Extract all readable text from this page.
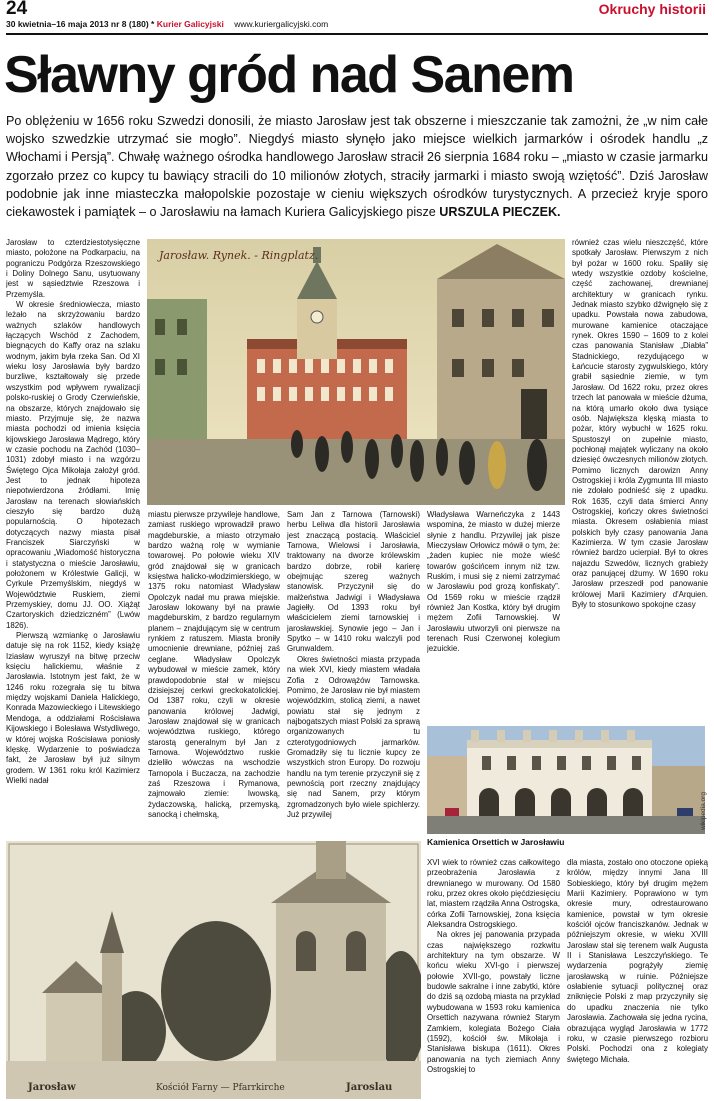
24
30 kwietnia–16 maja 2013 nr 8 (180) * Kurier Galicyjski www.kuriergalicyjski.com
Okruchy historii
Sławny gród nad Sanem
Po oblężeniu w 1656 roku Szwedzi donosili, że miasto Jarosław jest tak obszerne i mieszczanie tak zamożni, że „w nim całe wojsko szwedzkie utrzymać sie mogło”. Niegdyś miasto słynęło jako miejsce wielkich jarmarków i ośrodek handlu „z Włochami i Persją”. Chwałę ważnego ośrodka handlowego Jarosław stracił 26 sierpnia 1684 roku – „miasto w czasie jarmarku zgorzało przez co kupcy tu bawiący stracili do 10 milionów złotych, straciły jarmarki i miasto swoją wziętość”. Dziś Jarosław podobnie jak inne miasteczka małopolskie pozostaje w cieniu większych ośrodków turystycznych. A przecież kryje sporo ciekawostek i pamiątek – o Jarosławiu na łamach Kuriera Galicyjskiego pisze URSZULA PIECZEK.

Jarosław to czterdziestotysięczne miasto, położone na Podkarpaciu, na pograniczu Podgórza Rzeszowskiego i Doliny Dolnego Sanu, usytuowany jest w sąsiedztwie Rzeszowa i Przemyśla.

W okresie średniowiecza, miasto leżało na skrzyżowaniu bardzo ważnych szlaków handlowych łączących Wschód z Zachodem, biegnących do Kaffy oraz na szlaku wodnym, jakim była rzeka San. Od XI wieku losy Jarosławia były bardzo burzliwe, kształtowały się przede wszystkim pod wpływem rywalizacji polsko-ruskiej o Grody Czerwieńskie, na obszarze, których znajdowało się miasto. Przyjmuje się, że nazwa miasta pochodzi od imienia księcia kijowskiego Jarosława Mądrego, który w czasie pochodu na Zachód (1030–1031) zdobył miasto i na wzgórzu Świętego Ojca Mikołaja założył gród. Jest to jednak hipoteza niepotwierdzona źródłami. Imię Jarosław na terenach słowiańskich cieszyło się bardzo dużą popularnością. O hipotezach dotyczących nazwy miasta pisał Franciszek Siarczyński w opracowaniu „Wiadomość historyczna i statystyczna o mieście Jarosławiu, położonem w Królestwie Galicji, w Cyrkule Przemyślskim, niegdyś w Województwie Ruskiem, ziemi Przemyskiey, domu JJ. OO. Xiążąt Czartoryskich dziedziczném” (Lwów 1826).

Pierwszą wzmiankę o Jarosławiu datuje się na rok 1152, kiedy książę Iziasław wyruszył na bitwę przeciw księciu halickiemu, właśnie z Jarosławia. Istotnym jest fakt, że w 1246 roku rozegrała się tu bitwa między wojskami Daniela Halickiego, Konrada Mazowieckiego i Litewskiego Mendoga, a oddziałami Rościsława Kijowskiego i Bolesława Wstydliwego, w której wojska Rościsława poniosły klęskę. Wydarzenie to poświadcza fakt, że Jarosław był już silnym grodem. W 1361 roku król Kazimierz Wielki nadał

miastu pierwsze przywileje handlowe, zamiast ruskiego wprowadził prawo magdeburskie, a miasto otrzymało bardzo ważną rolę w wymianie towarowej. Po połowie wieku XIV gród znajdował się w granicach księstwa halicko-włodzimierskiego, w 1375 roku natomiast Władysław Opolczyk nadał mu prawa miejskie. Jarosław lokowany był na prawie magdeburskim, z bardzo regularnym planem – znajdującym się w centrum rynkiem z ratuszem. Miasta broniły umocnienie drewniane, później zaś ceglane. Władysław Opolczyk wybudował w mieście zamek, który prawdopodobnie stał w miejscu dzisiejszej cerkwi greckokatolickiej. Od 1387 roku, czyli w okresie panowania królowej Jadwigi, Jarosław znajdował się w granicach województwa ruskiego, którego starostą generalnym był Jan z Tarnowa. Województwo ruskie dzieliło wówczas na wschodzie Tarnopola i Buczacza, na zachodzie zaś Rzeszowa i Rymanowa, zajmowało ziemie: lwowską, żydaczowską, halicką, przemyską, sanocką i chełmską,

Sam Jan z Tarnowa (Tarnowski) herbu Leliwa dla historii Jarosławia jest znaczącą postacią. Właściciel Tarnowa, Wielowsi i Jarosławia, traktowany na dworze królewskim bardzo dobrze, robił karierę obejmując szereg ważnych stanowisk. Przyczynił się do małżeństwa Jadwigi i Władysława Jagiełły. Od 1393 roku był właścicielem ziemi tarnowskiej i jarosławskiej. Synowie jego – Jan i Spytko – w 1410 roku walczyli pod Grunwaldem.

Okres świetności miasta przypada na wiek XVI, kiedy miastem władała Zofia z Odrowążów Tarnowska. Pomimo, że Jarosław nie był miastem wojewódzkim, stolicą ziemi, a nawet powiatu stał się jednym z najbogatszych miast Polski za sprawą organizowanych tu czterotygodniowych jarmarków. Gromadziły się tu licznie kupcy ze wszystkich stron Europy. Do rozwoju handlu na tym terenie przyczynił się z pewnością port rzeczny znajdujący się nad Sanem, przy którym zgromadzonych było wiele spichlerzy. Już przywilej

Władysława Warneńczyka z 1443 wspomina, że miasto w dużej mierze słynie z handlu. Przywilej jak pisze Mieczysław Orłowicz mówił o tym, że: „żaden kupiec nie może wieść towarów gościńcem innym niż tzw. Ruskim, i musi się z niemi zatrzymać w Jarosławiu pod grozą konfiskaty”. Od 1569 roku w mieście rządził również Jan Kostka, który był drugim mężem Zofii Tarnowskiej. W Jarosławiu utworzyli oni pierwsze na terenach Rusi Czerwonej kolegium jezuickie.

również czas wielu nieszczęść, które spotkały Jarosław. Pierwszym z nich był pożar w 1600 roku. Spaliły się wtedy wszystkie ozdoby kościelne, część zachowanej, drewnianej architektury w granicach rynku. Jednak miasto szybko dźwignęło się z upadku. Powstała nowa zabudowa, murowane kamienice otaczające rynek. Okres 1590 – 1609 to z kolei czas panowania Stanisław „Diabła” Stadnickiego, rezydującego w Łańcucie starosty zygwulskiego, który grabił sąsiednie ziemie, w tym Jarosław. Od 1622 roku, przez okres trzech lat panowała w mieście dżuma, na którą umarło około dwa tysiące osób. Największa klęską miasta to pożar, który wybuchł w 1625 roku. Spustoszył on zupełnie miasto, pochłonął majątek wyliczany na około dziesięć ówczesnych milionów złotych. Pomimo licznych darowizn Anny Ostrogskiej i króla Zygmunta III miasto nie zdołało podnieść się z upadku. Rok 1635, czyli data śmierci Anny Ostrogskiej, kończy okres świetności miasta. Okresem osłabienia miast polskich były czasy panowania Jana Kazimierza. W tym czasie Jarosław również bardzo ucierpiał. Był to okres najazdu Szwedów, licznych grabieży oraz panującej dżumy. W 1690 roku Jarosław przeszedł pod panowanie królowej Marii Kazimiery d'Arquien. Były to stosunkowo spokojne czasy

XVI wiek to również czas całkowitego przeobrażenia Jarosławia z drewnianego w murowany. Od 1580 roku, przez okres około pięćdziesięciu lat, miastem rządziła Anna Ostrogska, córka Zofii Tarnowskiej, żona księcia Aleksandra Ostrogskiego.

Na okres jej panowania przypada czas największego rozkwitu architektury na tym obszarze. W końcu wieku XVI-go i pierwszej połowie XVII-go, powstały liczne budowle sakralne i inne zabytki, które do dziś są ozdobą miasta na przykład wybudowana w 1593 roku kamienica Orsettich nazywana również Starym Zamkiem, kolegiata Bożego Ciała (1592), kościół św. Mikołaja i Stanisława biskupa (1611). Okres panowania na tych ziemiach Anny Ostrogskiej to

dla miasta, zostało ono otoczone opieką królów, między innymi Jana III Sobieskiego, który był drugim mężem Marii Kazimiery. Poprawiono w tym okresie mury, odrestaurowano kamienice, powstał w tym okresie kościół ojców franciszkanów. Jednak w późniejszym okresie, w wieku XVIII Jarosław stał się terenem walk Augusta II i Stanisława Leszczyńskiego. Te wydarzenia pogrążyły ziemię jarosławską w ruinie. Późniejsze osłabienie sytuacji politycznej oraz zniknięcie Polski z map przyczyniły się do upadku znaczenia nie tylko Jarosławia. Zachowała się jedna rycina, obrazująca wygląd Jarosławia w 1772 roku, w czasie pierwszego rozbioru Polski. Pochodzi ona z kolegiaty świętego Michała.

Jarosław. Rynek. - Ringplatz.
Kamienica Orsettich w Jarosławiu
wikipedia.org
Jarosław	Kościół Farny — Pfarrkirche	Jaroslau
